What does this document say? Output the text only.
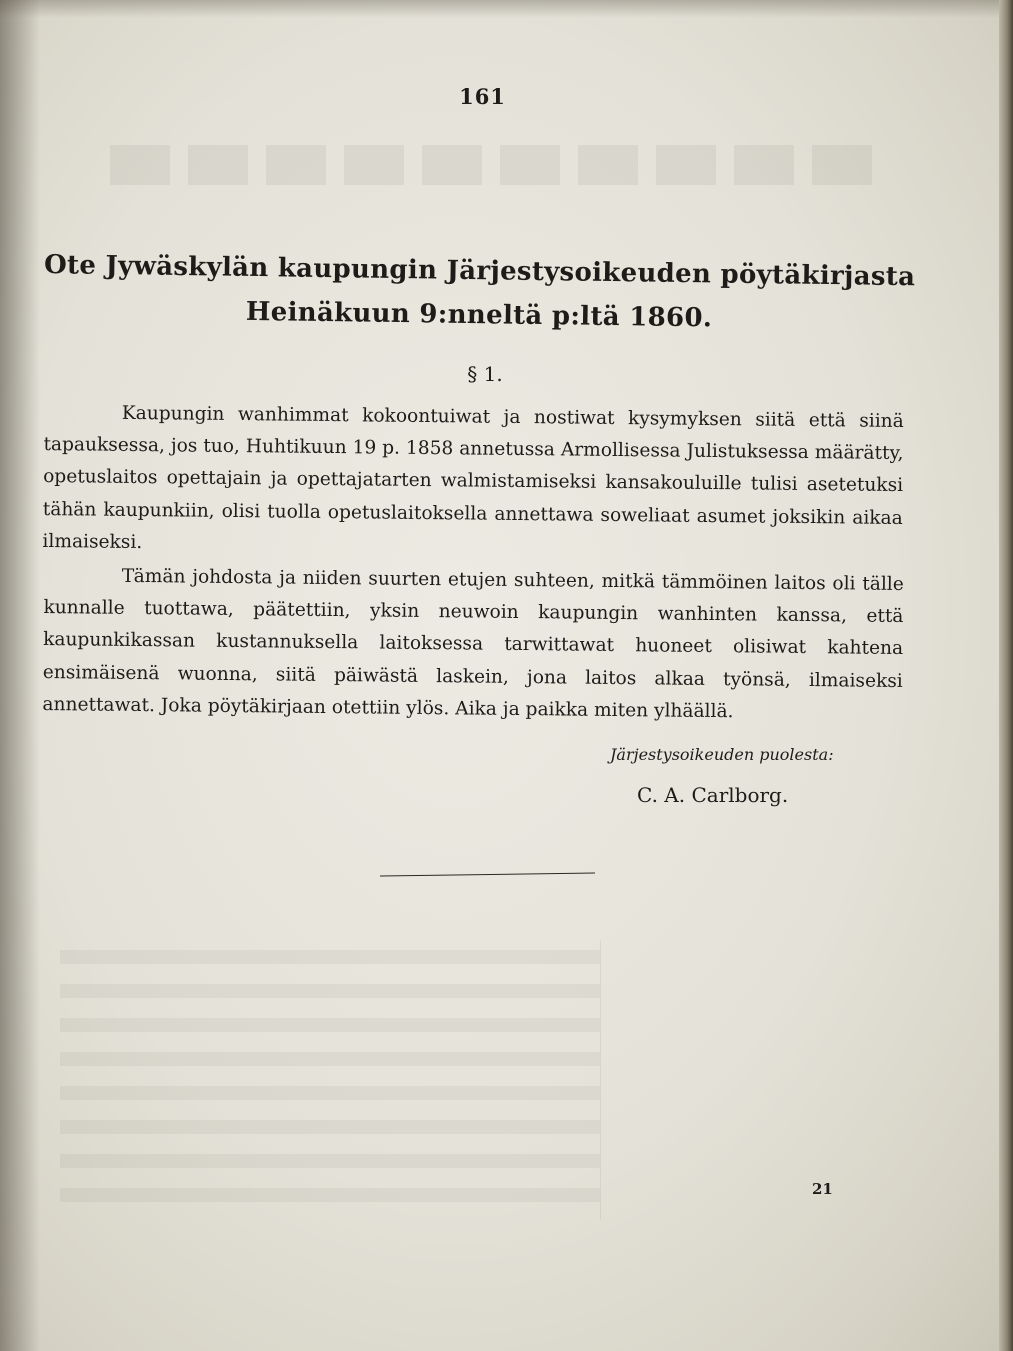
161
Ote Jywäskylän kaupungin Järjestysoikeuden pöytäkirjasta
Heinäkuun 9:nneltä p:ltä 1860.
§ 1.
Kaupungin wanhimmat kokoontuiwat ja nostiwat kysymyksen siitä että siinä tapauksessa, jos tuo, Huhtikuun 19 p. 1858 annetussa Armollisessa Julistuksessa määrätty, opetuslaitos opettajain ja opettajatarten walmistamiseksi kansakouluille tulisi asetetuksi tähän kaupunkiin, olisi tuolla opetuslaitoksella annettawa soweliaat asumet joksikin aikaa ilmaiseksi.
Tämän johdosta ja niiden suurten etujen suhteen, mitkä tämmöinen laitos oli tälle kunnalle tuottawa, päätettiin, yksin neuwoin kaupungin wanhinten kanssa, että kaupunkikassan kustannuksella laitoksessa tarwittawat huoneet olisiwat kahtena ensimäisenä wuonna, siitä päiwästä laskein, jona laitos alkaa työnsä, ilmaiseksi annettawat. Joka pöytäkirjaan otettiin ylös. Aika ja paikka miten ylhäällä.
Järjestysoikeuden puolesta:
C. A. Carlborg.
21
